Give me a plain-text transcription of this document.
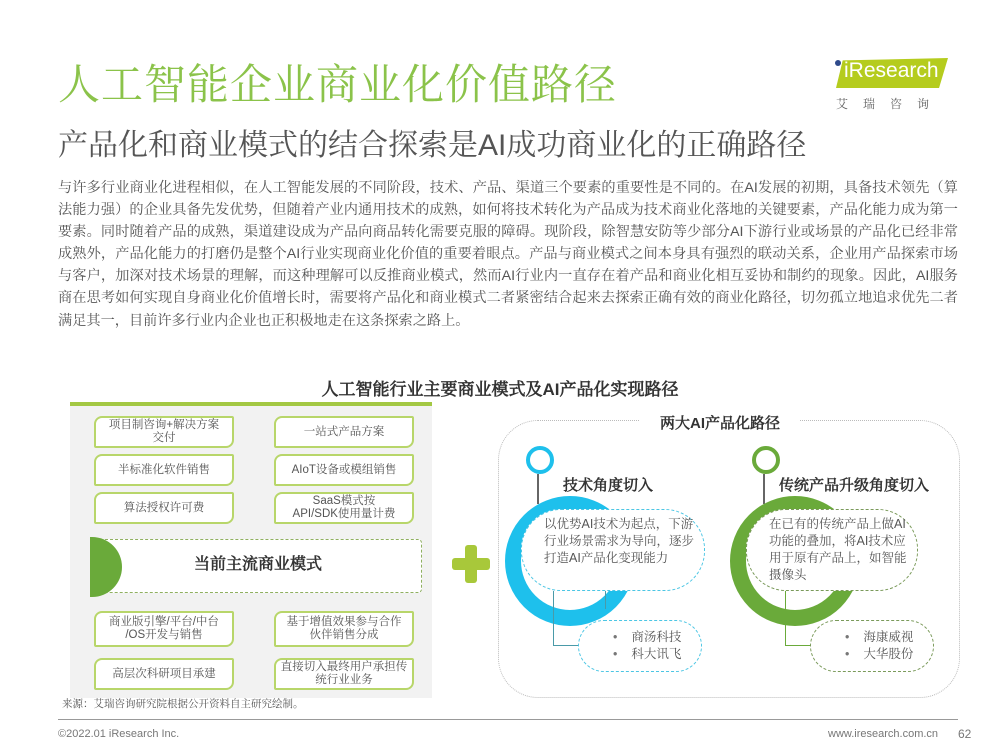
人工智能企业商业化价值路径
产品化和商业模式的结合探索是AI成功商业化的正确路径
iResearch
艾瑞咨询
与许多行业商业化进程相似，在人工智能发展的不同阶段，技术、产品、渠道三个要素的重要性是不同的。在AI发展的初期，具备技术领先（算法能力强）的企业具备先发优势，但随着产业内通用技术的成熟，如何将技术转化为产品成为技术商业化落地的关键要素，产品化能力成为第一要素。同时随着产品的成熟，渠道建设成为产品向商品转化需要克服的障碍。现阶段，除智慧安防等少部分AI下游行业或场景的产品化已经非常成熟外，产品化能力的打磨仍是整个AI行业实现商业化价值的重要着眼点。产品与商业模式之间本身具有强烈的联动关系，企业用产品探索市场与客户，加深对技术场景的理解，而这种理解可以反推商业模式，然而AI行业内一直存在着产品和商业化相互妥协和制约的现象。因此，AI服务商在思考如何实现自身商业化价值增长时，需要将产品化和商业模式二者紧密结合起来去探索正确有效的商业化路径，切勿孤立地追求优先二者满足其一，目前许多行业内企业也正积极地走在这条探索之路上。
人工智能行业主要商业模式及AI产品化实现路径
项目制咨询+解决方案
交付
一站式产品方案
半标准化软件销售	AIoT设备或模组销售
算法授权许可费
SaaS模式按
API/SDK使用量计费
当前主流商业模式
商业版引擎/平台/中台
/OS开发与销售
基于增值效果参与合作
伙伴销售分成
高层次科研项目承建
直接切入最终用户承担传
统行业业务
两大AI产品化路径
技术角度切入
以优势AI技术为起点，下游行业场景需求为导向，逐步打造AI产品化变现能力
• 商汤科技
• 科大讯飞
传统产品升级角度切入
在已有的传统产品上做AI功能的叠加，将AI技术应用于原有产品上，如智能摄像头
• 海康威视
• 大华股份
来源：艾瑞咨询研究院根据公开资料自主研究绘制。
©2022.01 iResearch Inc.	www.iresearch.com.cn 62
